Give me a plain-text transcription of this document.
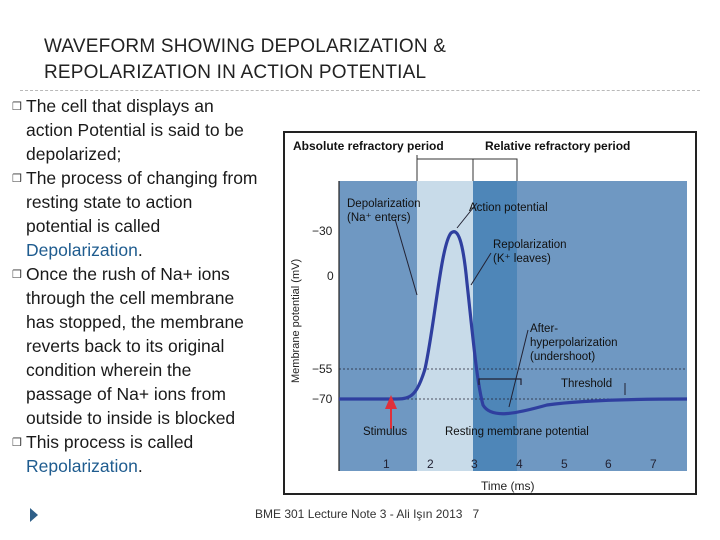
WAVEFORM SHOWING DEPOLARIZATION &
REPOLARIZATION IN ACTION POTENTIAL
❒ The cell that displays an action Potential is said to be depolarized;
❒ The process of changing from resting state to action potential is called Depolarization.
❒ Once the rush of Na+ ions through the cell membrane has stopped, the membrane reverts back to its original condition wherein the passage of Na+ ions from outside to inside is blocked
❒ This process is called Repolarization.
Membrane potential (mV)
−30
0
−55
−70
1	2	3	4	5	6	7
Time (ms)
Absolute refractory period	Relative refractory period
Depolarization
(Na⁺ enters)
Action potential
Repolarization
(K⁺ leaves)
After-
hyperpolarization
(undershoot)
Threshold
Stimulus	Resting membrane potential
BME 301 Lecture Note 3 - Ali Işın 2013 7
